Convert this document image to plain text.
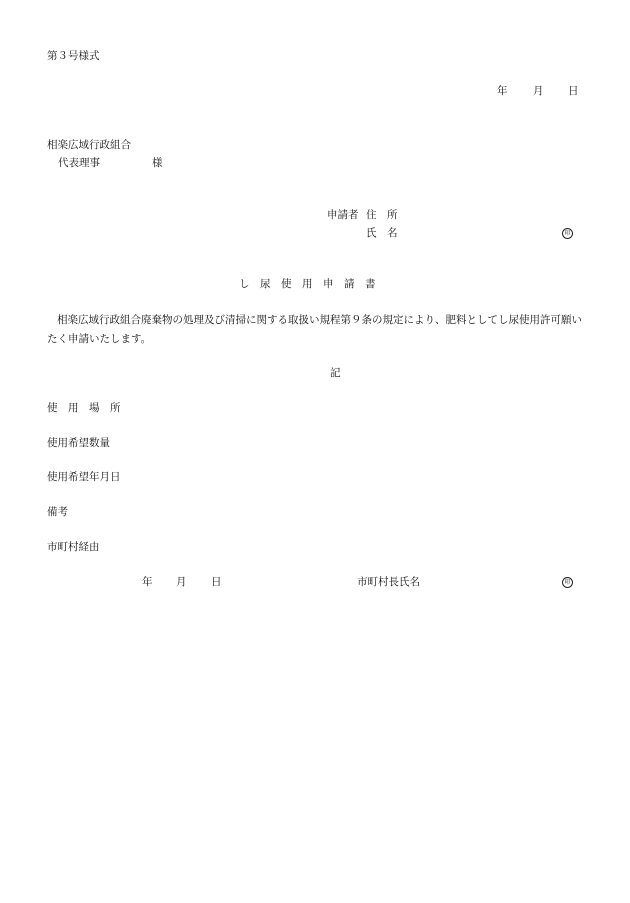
第３号様式
年 月 日
相楽広域行政組合
代表理事	様
申請者 住　所
氏　名	印
し　尿　使　用　申　請　書
相楽広域行政組合廃棄物の処理及び清掃に関する取扱い規程第９条の規定により、肥料としてし尿使用許可願いたく申請いたします。
記
使　用　場　所
使用希望数量
使用希望年月日
備考
市町村経由
年 月 日	市町村長氏名	印
